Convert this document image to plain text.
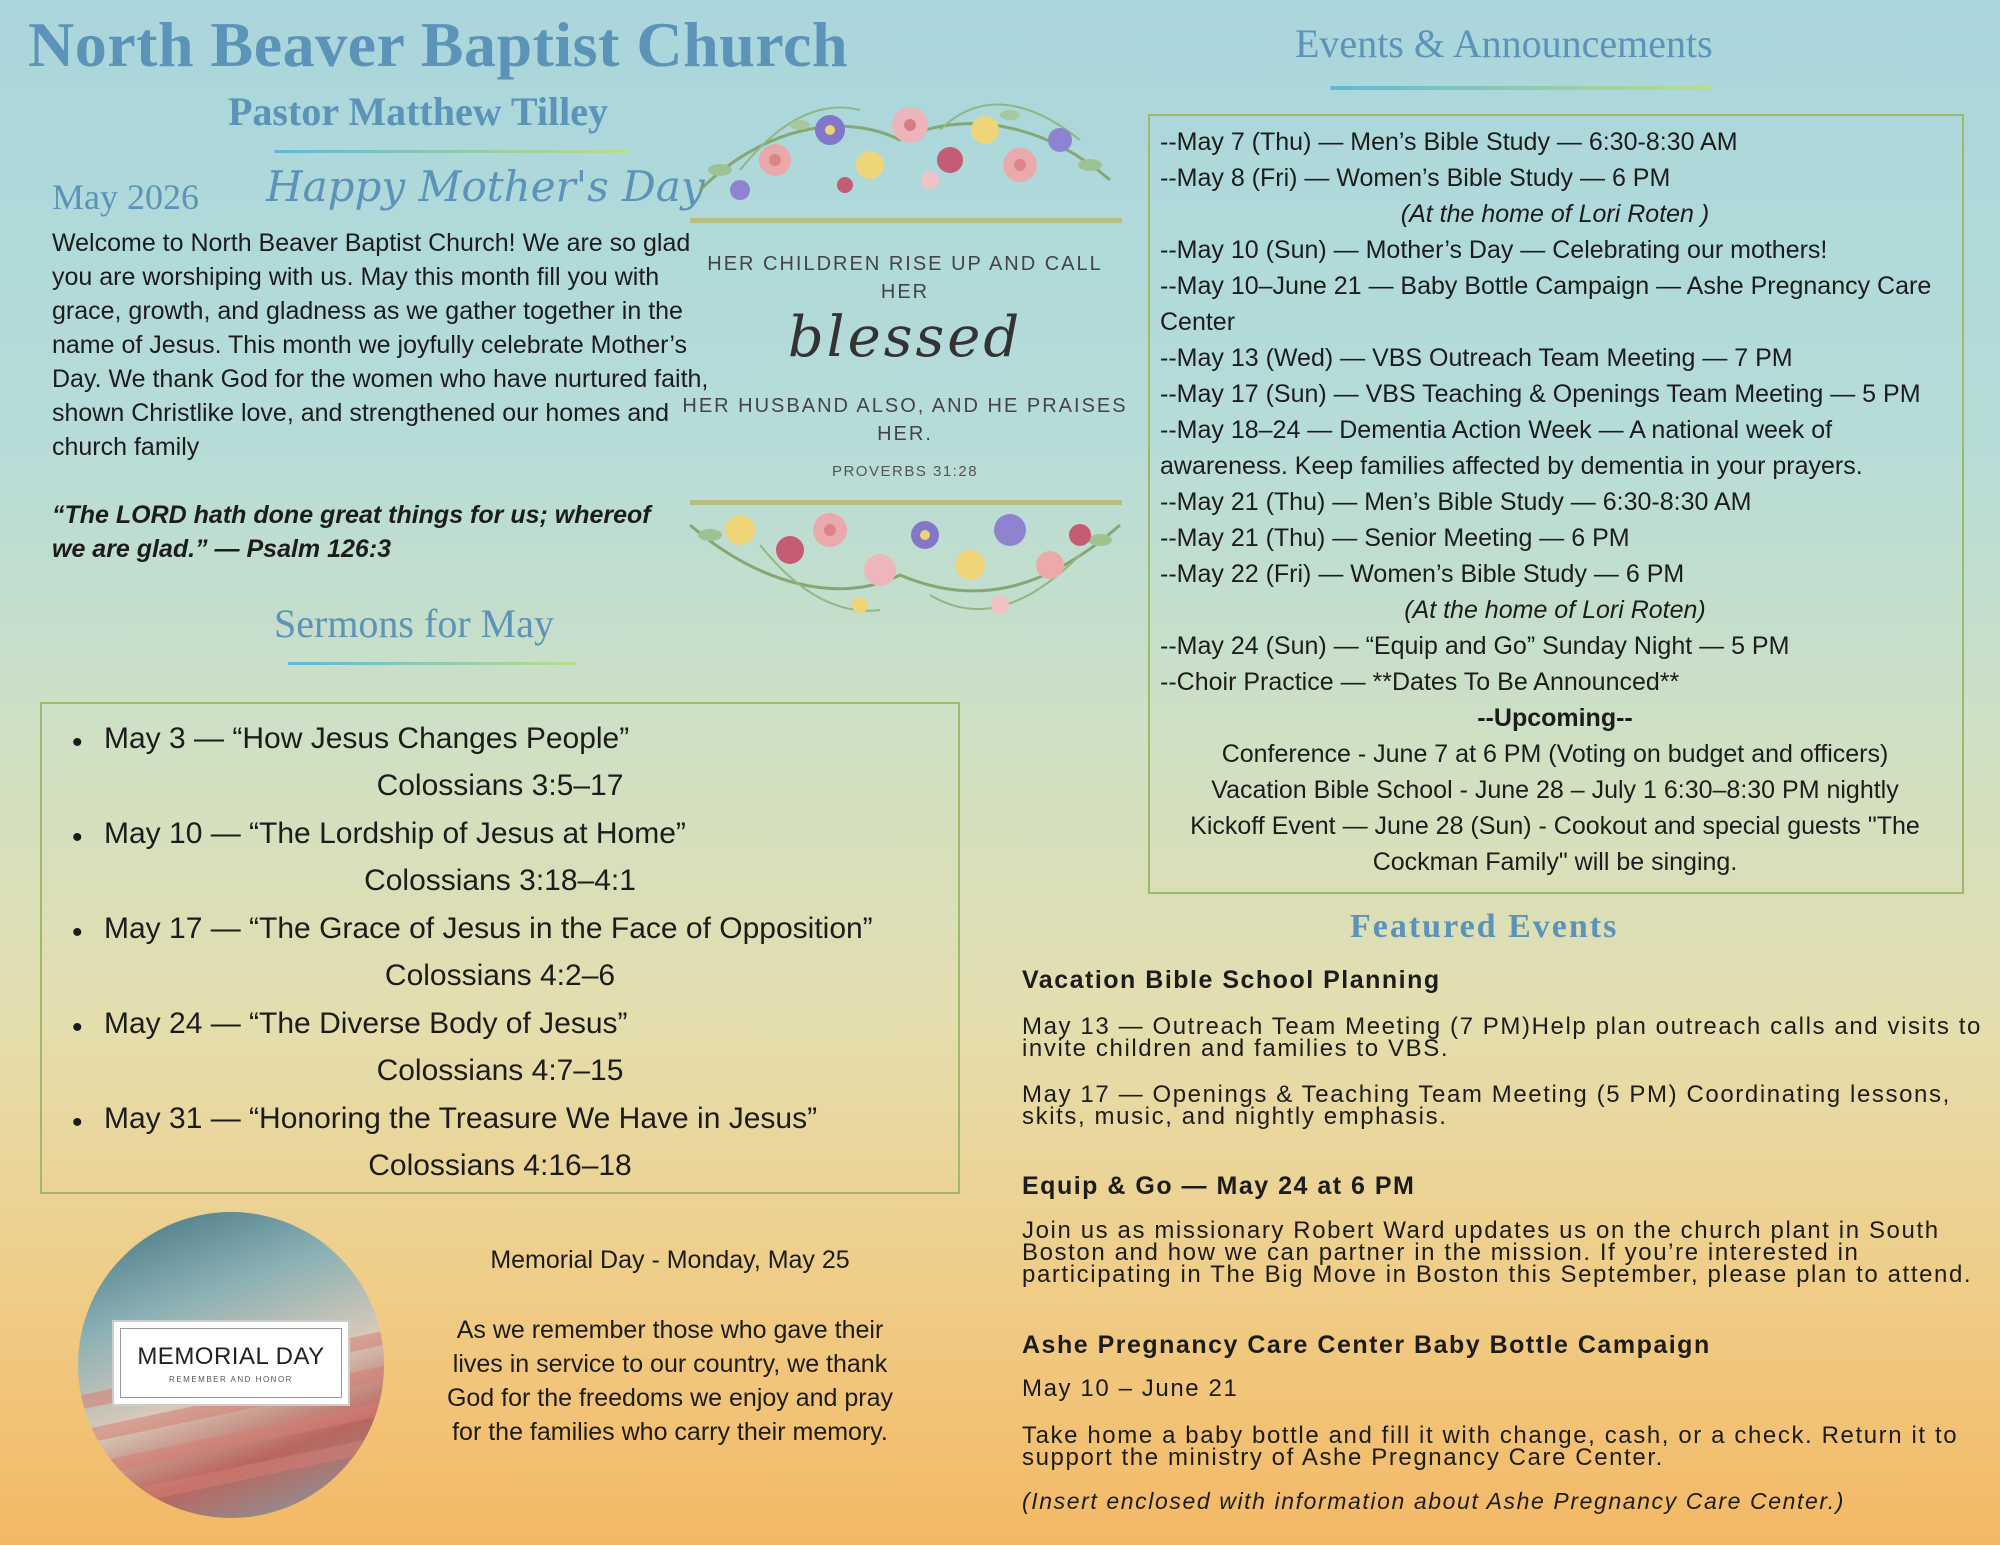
North Beaver Baptist Church
Pastor Matthew Tilley
May 2026 Happy Mother's Day
Welcome to North Beaver Baptist Church! We are so glad you are worshiping with us. May this month fill you with grace, growth, and gladness as we gather together in the name of Jesus. This month we joyfully celebrate Mother’s Day. We thank God for the women who have nurtured faith, shown Christlike love, and strengthened our homes and church family
“The LORD hath done great things for us; whereof we are glad.” — Psalm 126:3
HER CHILDREN RISE UP AND CALL HER
blessed
HER HUSBAND ALSO, AND HE PRAISES HER.
PROVERBS 31:28
Sermons for May
• May 3 — “How Jesus Changes People”
Colossians 3:5–17
• May 10 — “The Lordship of Jesus at Home”
Colossians 3:18–4:1
• May 17 — “The Grace of Jesus in the Face of Opposition”
Colossians 4:2–6
• May 24 — “The Diverse Body of Jesus”
Colossians 4:7–15
• May 31 — “Honoring the Treasure We Have in Jesus”
Colossians 4:16–18
Events & Announcements
--May 7 (Thu) — Men’s Bible Study — 6:30-8:30 AM
--May 8 (Fri) — Women’s Bible Study — 6 PM
(At the home of Lori Roten )
--May 10 (Sun) — Mother’s Day — Celebrating our mothers!
--May 10–June 21 — Baby Bottle Campaign — Ashe Pregnancy Care Center
--May 13 (Wed) — VBS Outreach Team Meeting — 7 PM
--May 17 (Sun) — VBS Teaching & Openings Team Meeting — 5 PM
--May 18–24 — Dementia Action Week — A national week of awareness. Keep families affected by dementia in your prayers.
--May 21 (Thu) — Men’s Bible Study — 6:30-8:30 AM
--May 21 (Thu) — Senior Meeting — 6 PM
--May 22 (Fri) — Women’s Bible Study — 6 PM
(At the home of Lori Roten)
--May 24 (Sun) — “Equip and Go” Sunday Night — 5 PM
--Choir Practice — **Dates To Be Announced**
--Upcoming--
Conference - June 7 at 6 PM (Voting on budget and officers)
Vacation Bible School - June 28 – July 1 6:30–8:30 PM nightly
Kickoff Event — June 28 (Sun) - Cookout and special guests "The Cockman Family" will be singing.
Featured Events
Vacation Bible School Planning
May 13 — Outreach Team Meeting (7 PM)Help plan outreach calls and visits to invite children and families to VBS.
May 17 — Openings & Teaching Team Meeting (5 PM) Coordinating lessons, skits, music, and nightly emphasis.
Equip & Go — May 24 at 6 PM
Join us as missionary Robert Ward updates us on the church plant in South Boston and how we can partner in the mission. If you’re interested in participating in The Big Move in Boston this September, please plan to attend.
Ashe Pregnancy Care Center Baby Bottle Campaign
May 10 – June 21
Take home a baby bottle and fill it with change, cash, or a check. Return it to support the ministry of Ashe Pregnancy Care Center.
(Insert enclosed with information about Ashe Pregnancy Care Center.)
MEMORIAL DAY
REMEMBER AND HONOR
Memorial Day - Monday, May 25
As we remember those who gave their lives in service to our country, we thank God for the freedoms we enjoy and pray for the families who carry their memory.
